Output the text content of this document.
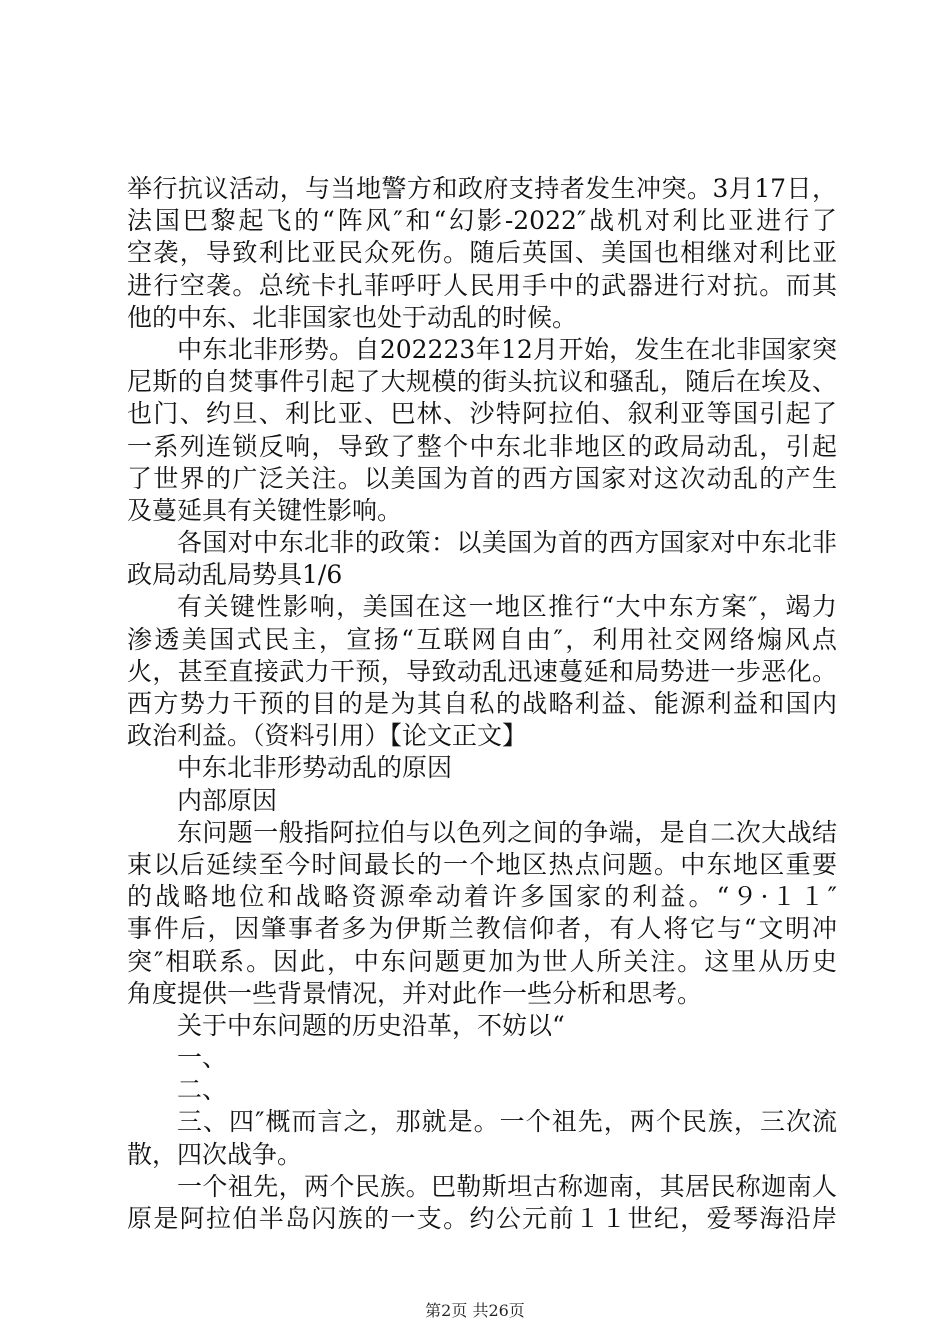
举行抗议活动，与当地警方和政府支持者发生冲突。3月17日，
法国巴黎起飞的“阵风″和“幻影-2022″战机对利比亚进行了
空袭，导致利比亚民众死伤。随后英国、美国也相继对利比亚
进行空袭。总统卡扎菲呼吁人民用手中的武器进行对抗。而其
他的中东、北非国家也处于动乱的时候。
中东北非形势。自202223年12月开始，发生在北非国家突
尼斯的自焚事件引起了大规模的街头抗议和骚乱，随后在埃及、
也门、约旦、利比亚、巴林、沙特阿拉伯、叙利亚等国引起了
一系列连锁反响，导致了整个中东北非地区的政局动乱，引起
了世界的广泛关注。以美国为首的西方国家对这次动乱的产生
及蔓延具有关键性影响。
各国对中东北非的政策：以美国为首的西方国家对中东北非
政局动乱局势具1/6
有关键性影响，美国在这一地区推行“大中东方案″，竭力
渗透美国式民主，宣扬“互联网自由″，利用社交网络煽风点
火，甚至直接武力干预，导致动乱迅速蔓延和局势进一步恶化。
西方势力干预的目的是为其自私的战略利益、能源利益和国内
政治利益。（资料引用）【论文正文】
中东北非形势动乱的原因
内部原因
东问题一般指阿拉伯与以色列之间的争端，是自二次大战结
束以后延续至今时间最长的一个地区热点问题。中东地区重要
的战略地位和战略资源牵动着许多国家的利益。“９·１１″
事件后，因肇事者多为伊斯兰教信仰者，有人将它与“文明冲
突″相联系。因此，中东问题更加为世人所关注。这里从历史
角度提供一些背景情况，并对此作一些分析和思考。
关于中东问题的历史沿革，不妨以“
一、
二、
三、四″概而言之，那就是。一个祖先，两个民族，三次流
散，四次战争。
一个祖先，两个民族。巴勒斯坦古称迦南，其居民称迦南人
原是阿拉伯半岛闪族的一支。约公元前１１世纪，爱琴海沿岸
第2页 共26页
